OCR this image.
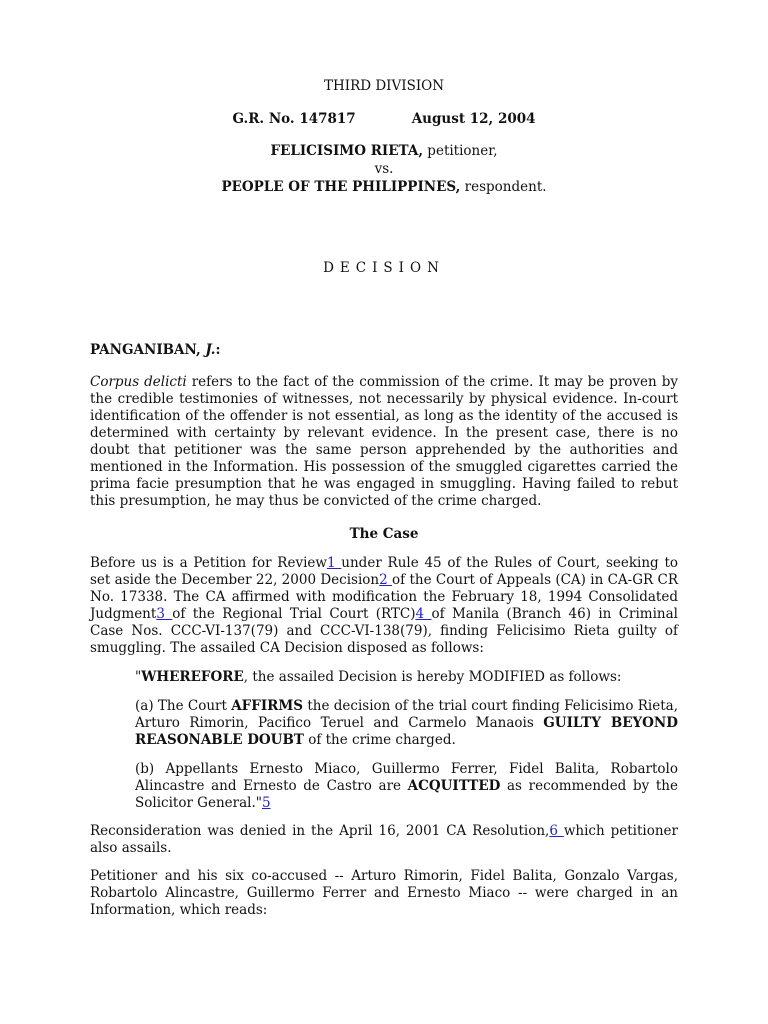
THIRD DIVISION
G.R. No. 147817	August 12, 2004
FELICISIMO RIETA, petitioner,
vs.
PEOPLE OF THE PHILIPPINES, respondent.
DECISION
PANGANIBAN, J.:

Corpus delicti refers to the fact of the commission of the crime. It may be proven by the credible testimonies of witnesses, not necessarily by physical evidence. In-court identification of the offender is not essential, as long as the identity of the accused is determined with certainty by relevant evidence. In the present case, there is no doubt that petitioner was the same person apprehended by the authorities and mentioned in the Information. His possession of the smuggled cigarettes carried the prima facie presumption that he was engaged in smuggling. Having failed to rebut this presumption, he may thus be convicted of the crime charged.

The Case

Before us is a Petition for Review1 under Rule 45 of the Rules of Court, seeking to set aside the December 22, 2000 Decision2 of the Court of Appeals (CA) in CA-GR CR No. 17338. The CA affirmed with modification the February 18, 1994 Consolidated Judgment3 of the Regional Trial Court (RTC)4 of Manila (Branch 46) in Criminal Case Nos. CCC-VI-137(79) and CCC-VI-138(79), finding Felicisimo Rieta guilty of smuggling. The assailed CA Decision disposed as follows:

"WHEREFORE, the assailed Decision is hereby MODIFIED as follows:

(a) The Court AFFIRMS the decision of the trial court finding Felicisimo Rieta, Arturo Rimorin, Pacifico Teruel and Carmelo Manaois GUILTY BEYOND REASONABLE DOUBT of the crime charged.

(b) Appellants Ernesto Miaco, Guillermo Ferrer, Fidel Balita, Robartolo Alincastre and Ernesto de Castro are ACQUITTED as recommended by the Solicitor General."5

Reconsideration was denied in the April 16, 2001 CA Resolution,6 which petitioner also assails.

Petitioner and his six co-accused -- Arturo Rimorin, Fidel Balita, Gonzalo Vargas, Robartolo Alincastre, Guillermo Ferrer and Ernesto Miaco -- were charged in an Information, which reads:
